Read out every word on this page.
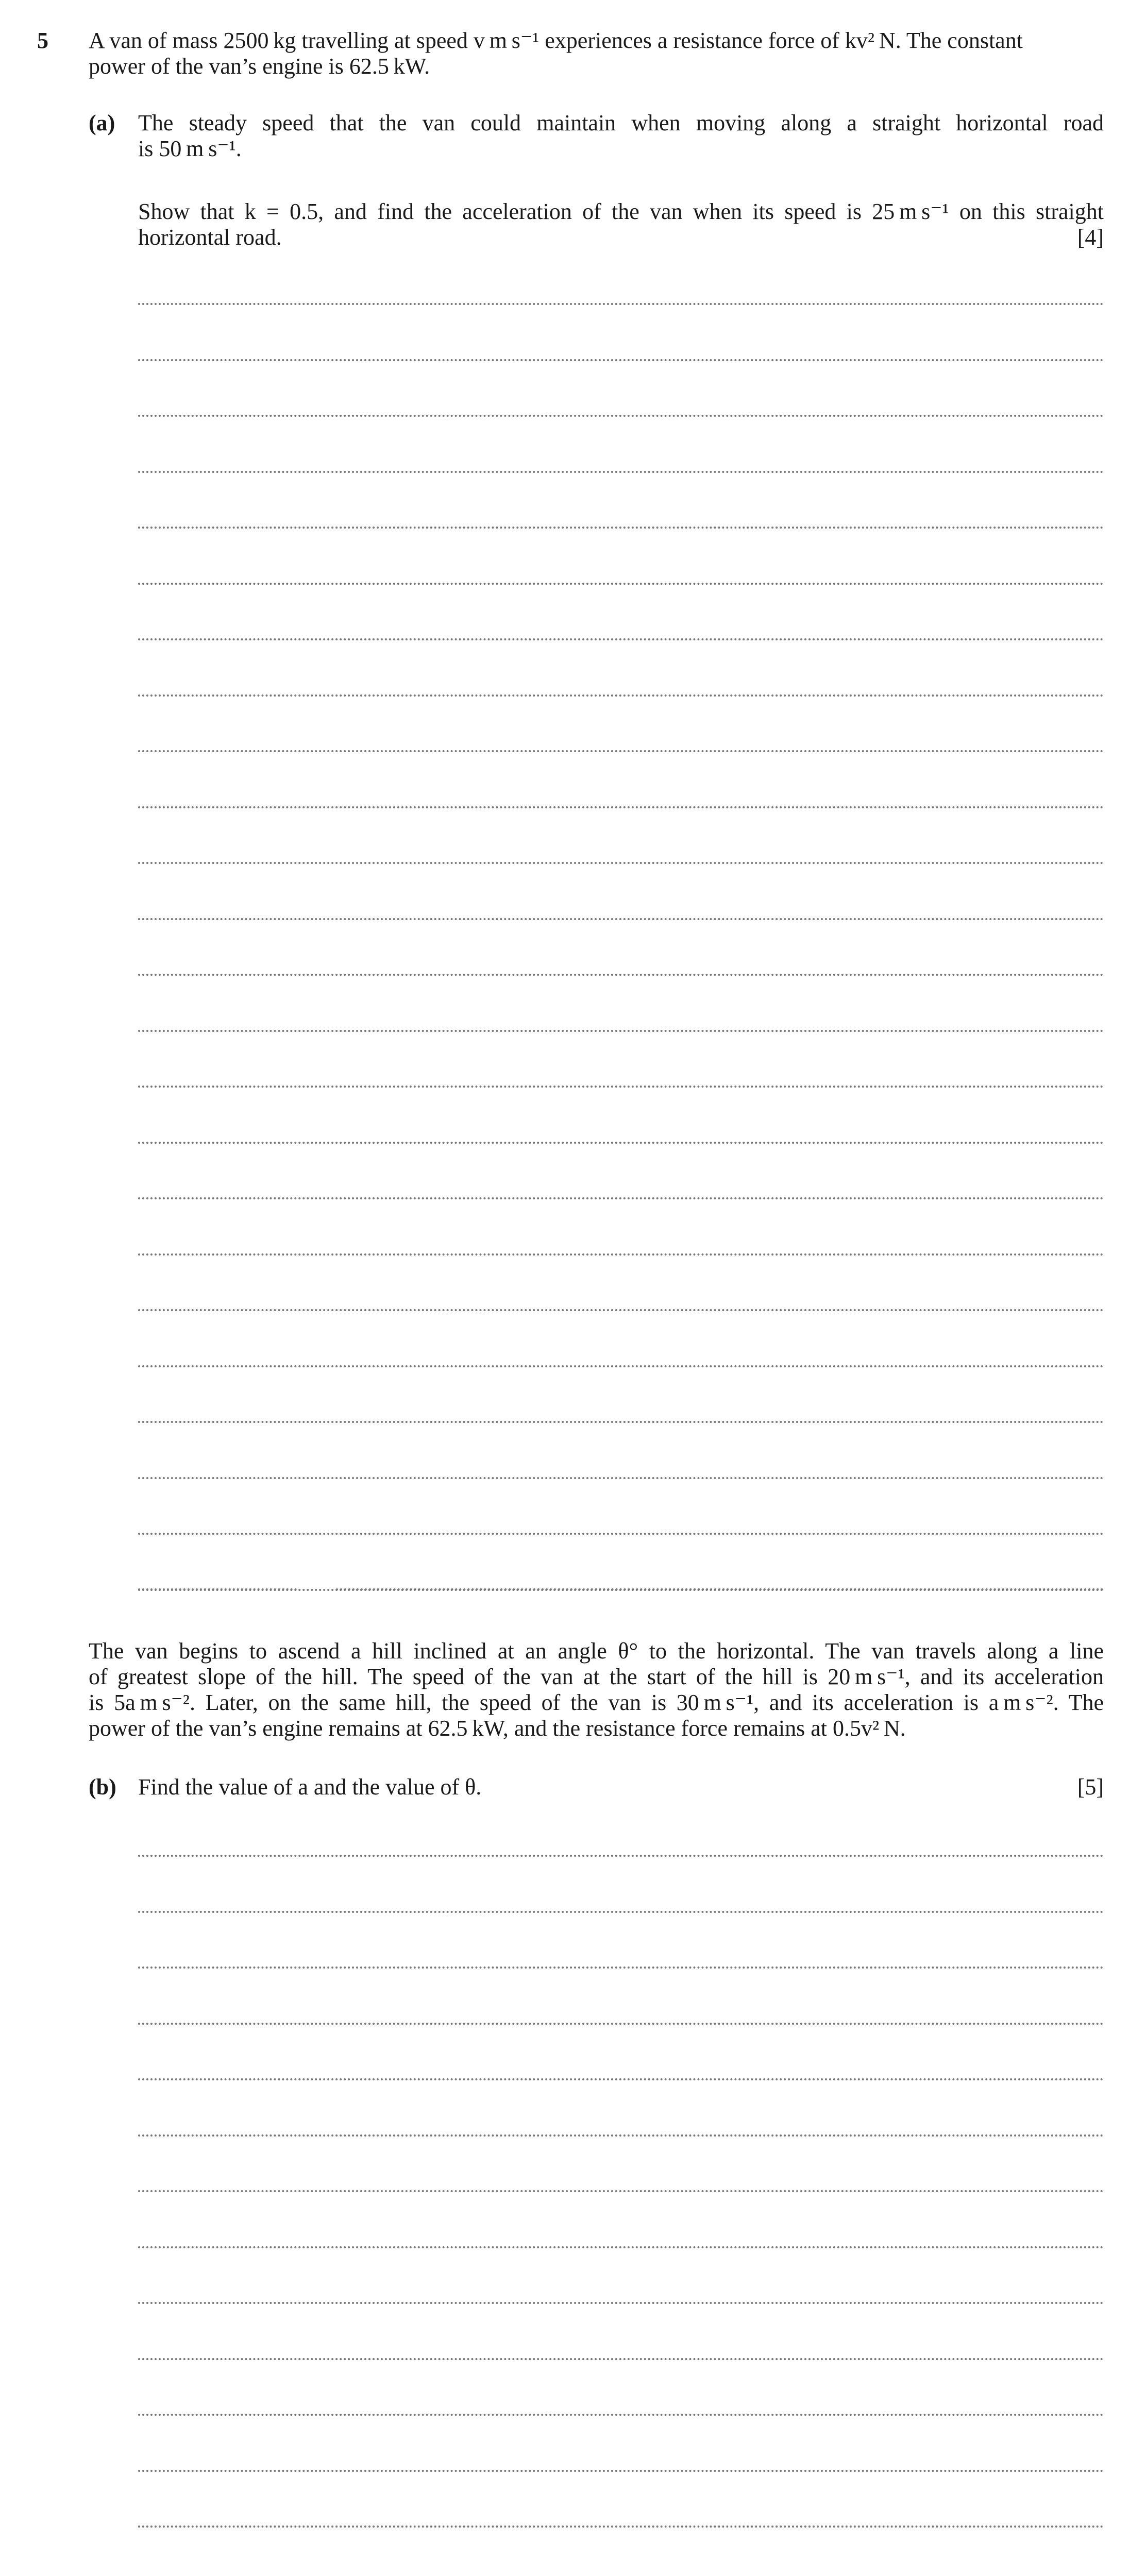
5 A van of mass 2500 kg travelling at speed v m s⁻¹ experiences a resistance force of kv² N. The constant
power of the van’s engine is 62.5 kW.
(a) The steady speed that the van could maintain when moving along a straight horizontal road
is 50 m s⁻¹.
Show that k = 0.5, and find the acceleration of the van when its speed is 25 m s⁻¹ on this straight
horizontal road.	[4]
The van begins to ascend a hill inclined at an angle θ° to the horizontal. The van travels along a line
of greatest slope of the hill. The speed of the van at the start of the hill is 20 m s⁻¹, and its acceleration
is 5a m s⁻². Later, on the same hill, the speed of the van is 30 m s⁻¹, and its acceleration is a m s⁻². The
power of the van’s engine remains at 62.5 kW, and the resistance force remains at 0.5v² N.
(b) Find the value of a and the value of θ.	[5]
